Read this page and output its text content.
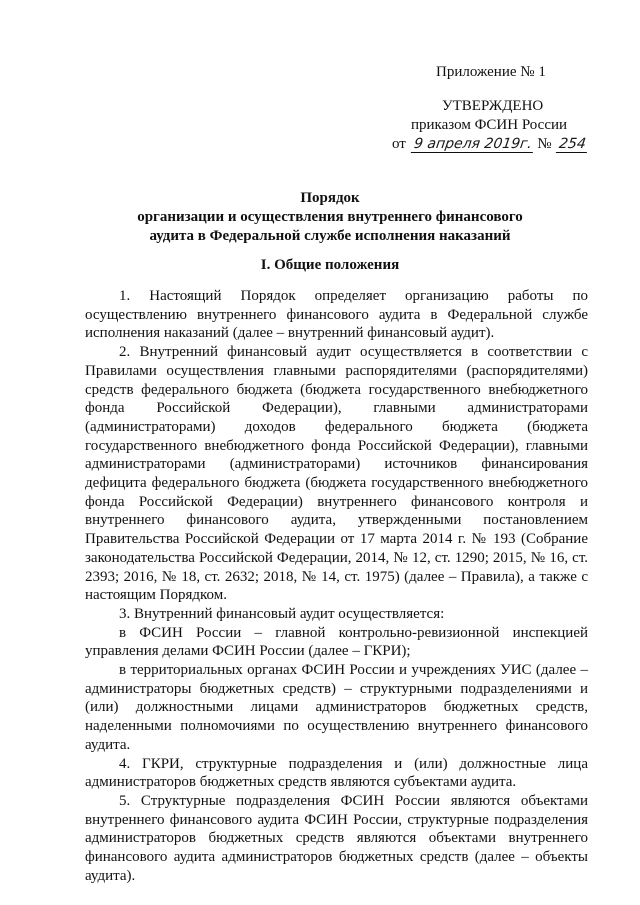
Приложение № 1
УТВЕРЖДЕНО
приказом ФСИН России
от 9 апреля 2019г. № 254
Порядок
организации и осуществления внутреннего финансового
аудита в Федеральной службе исполнения наказаний
I. Общие положения

1. Настоящий Порядок определяет организацию работы по осуществлению внутреннего финансового аудита в Федеральной службе исполнения наказаний (далее – внутренний финансовый аудит).

2. Внутренний финансовый аудит осуществляется в соответствии с Правилами осуществления главными распорядителями (распорядителями) средств федерального бюджета (бюджета государственного внебюджетного фонда Российской Федерации), главными администраторами (администраторами) доходов федерального бюджета (бюджета государственного внебюджетного фонда Российской Федерации), главными администраторами (администраторами) источников финансирования дефицита федерального бюджета (бюджета государственного внебюджетного фонда Российской Федерации) внутреннего финансового контроля и внутреннего финансового аудита, утвержденными постановлением Правительства Российской Федерации от 17 марта 2014 г. № 193 (Собрание законодательства Российской Федерации, 2014, № 12, ст. 1290; 2015, № 16, ст. 2393; 2016, № 18, ст. 2632; 2018, № 14, ст. 1975) (далее – Правила), а также с настоящим Порядком.

3. Внутренний финансовый аудит осуществляется:

в ФСИН России – главной контрольно-ревизионной инспекцией управления делами ФСИН России (далее – ГКРИ);

в территориальных органах ФСИН России и учреждениях УИС (далее – администраторы бюджетных средств) – структурными подразделениями и (или) должностными лицами администраторов бюджетных средств, наделенными полномочиями по осуществлению внутреннего финансового аудита.

4. ГКРИ, структурные подразделения и (или) должностные лица администраторов бюджетных средств являются субъектами аудита.

5. Структурные подразделения ФСИН России являются объектами внутреннего финансового аудита ФСИН России, структурные подразделения администраторов бюджетных средств являются объектами внутреннего финансового аудита администраторов бюджетных средств (далее – объекты аудита).
